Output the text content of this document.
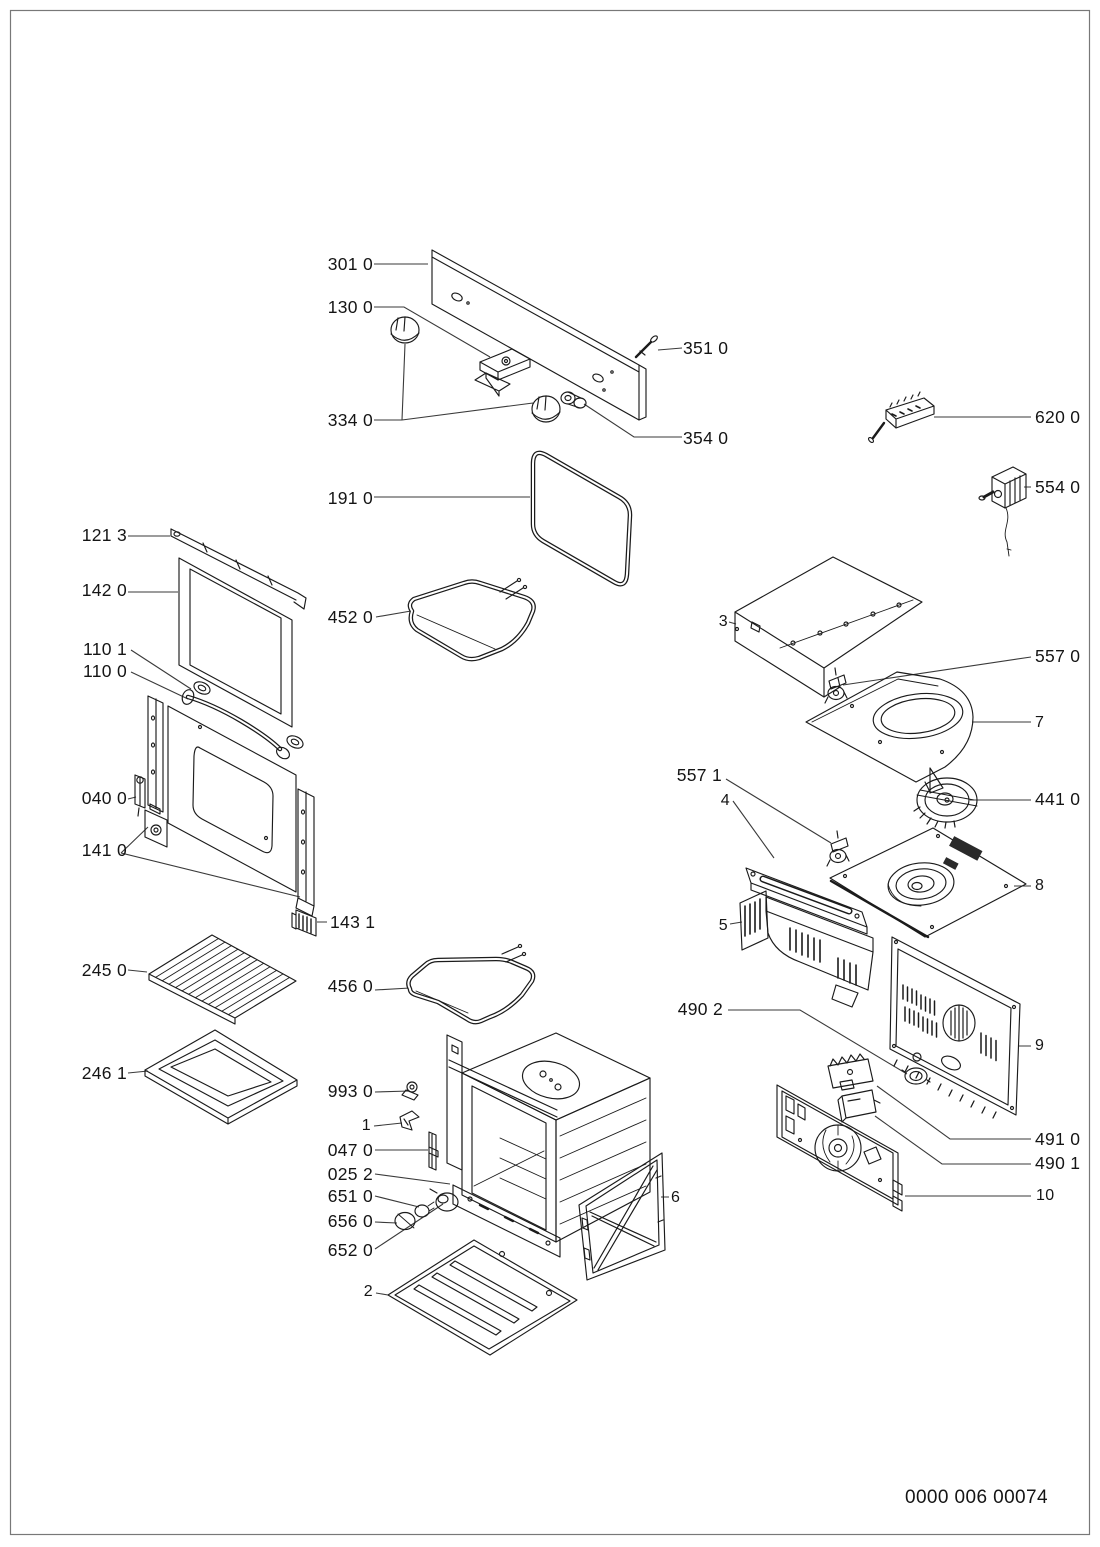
301 0
130 0
351 0
334 0
354 0
620 0
554 0
191 0
121 3
142 0
452 0
110 1
110 0
3
557 0
7
040 0
557 1
4	441 0
141 0
8
5
143 1
245 0
456 0
490 2
246 1
993 0
9
1
047 0
025 2
651 0
656 0
652 0
491 0
490 1
10
6
2
0000 006 00074
